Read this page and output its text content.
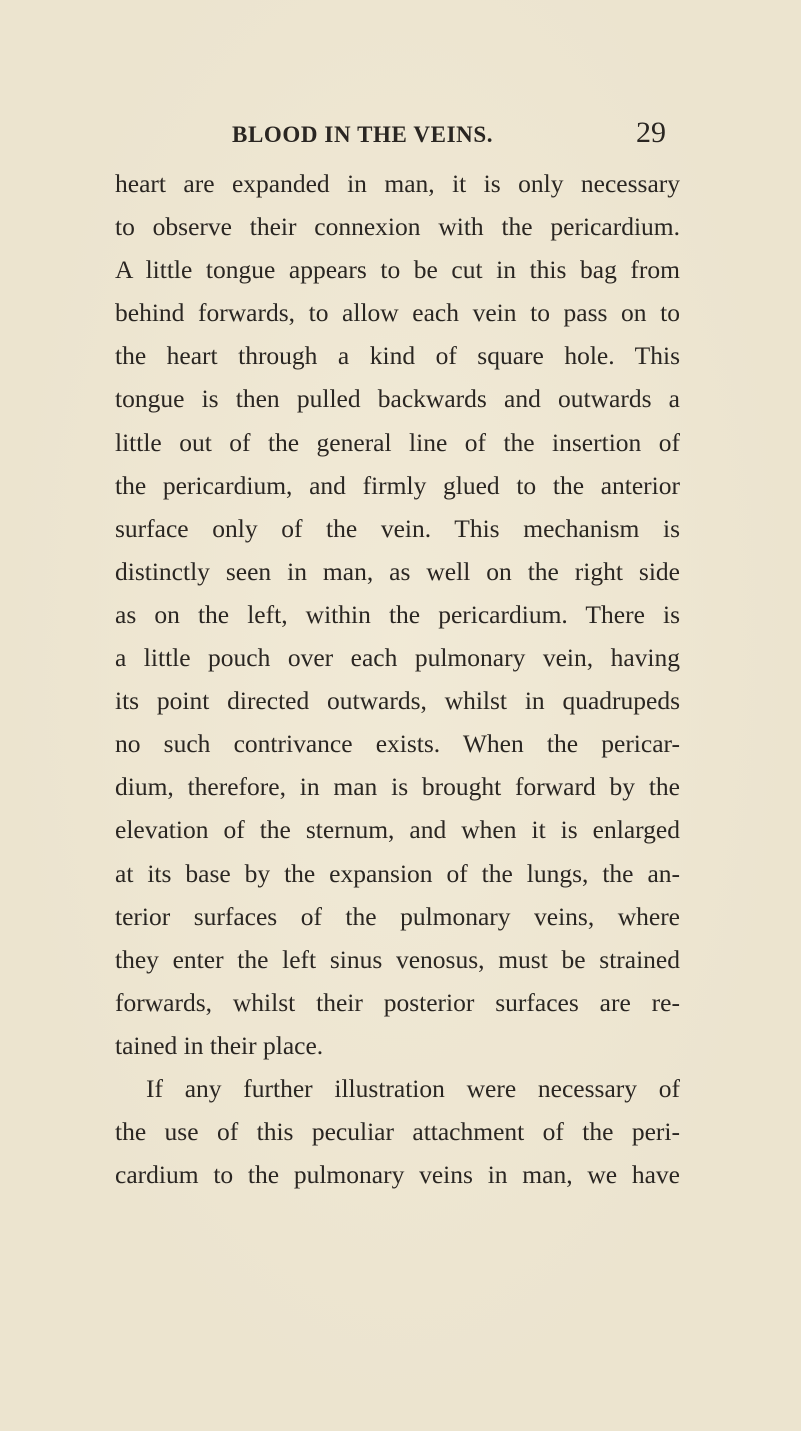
BLOOD IN THE VEINS.	29
heart are expanded in man, it is only necessary
to observe their connexion with the pericardium.
A little tongue appears to be cut in this bag from
behind forwards, to allow each vein to pass on to
the heart through a kind of square hole. This
tongue is then pulled backwards and outwards a
little out of the general line of the insertion of
the pericardium, and firmly glued to the anterior
surface only of the vein. This mechanism is
distinctly seen in man, as well on the right side
as on the left, within the pericardium. There is
a little pouch over each pulmonary vein, having
its point directed outwards, whilst in quadrupeds
no such contrivance exists. When the pericar-
dium, therefore, in man is brought forward by the
elevation of the sternum, and when it is enlarged
at its base by the expansion of the lungs, the an-
terior surfaces of the pulmonary veins, where
they enter the left sinus venosus, must be strained
forwards, whilst their posterior surfaces are re-
tained in their place.
If any further illustration were necessary of
the use of this peculiar attachment of the peri-
cardium to the pulmonary veins in man, we have
